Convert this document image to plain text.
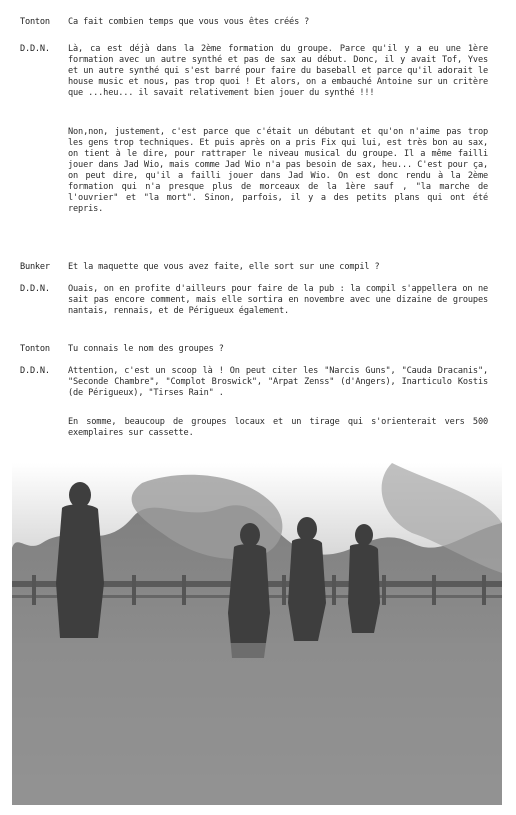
Tonton Ca fait combien temps que vous vous êtes créés ?
D.D.N. Là, ca est déjà dans la 2ème formation du groupe. Parce qu'il y a eu une 1ère formation avec un autre synthé et pas de sax au début. Donc, il y avait Tof, Yves et un autre synthé qui s'est barré pour faire du baseball et parce qu'il adorait le house music et nous, pas trop quoi ! Et alors, on a embauché Antoine sur un critère que ...heu... il savait relativement bien jouer du synthé !!!
Non,non, justement, c'est parce que c'était un débutant et qu'on n'aime pas trop les gens trop techniques. Et puis après on a pris Fix qui lui, est très bon au sax, on tient à le dire, pour rattraper le niveau musical du groupe. Il a même failli jouer dans Jad Wio, mais comme Jad Wio n'a pas besoin de sax, heu... C'est pour ça, on peut dire, qu'il a failli jouer dans Jad Wio. On est donc rendu à la 2ème formation qui n'a presque plus de morceaux de la 1ère sauf , "la marche de l'ouvrier" et "la mort". Sinon, parfois, il y a des petits plans qui ont été repris.
Bunker Et la maquette que vous avez faite, elle sort sur une compil ?
D.D.N. Ouais, on en profite d'ailleurs pour faire de la pub : la compil s'appellera on ne sait pas encore comment, mais elle sortira en novembre avec une dizaine de groupes nantais, rennais, et de Périgueux également.
Tonton Tu connais le nom des groupes ?
D.D.N. Attention, c'est un scoop là ! On peut citer les "Narcis Guns", "Cauda Dracanis", "Seconde Chambre", "Complot Broswick", "Arpat Zenss" (d'Angers), Inarticulo Kostis (de Périgueux), "Tirses Rain" .
En somme, beaucoup de groupes locaux et un tirage qui s'orienterait vers 500 exemplaires sur cassette.
